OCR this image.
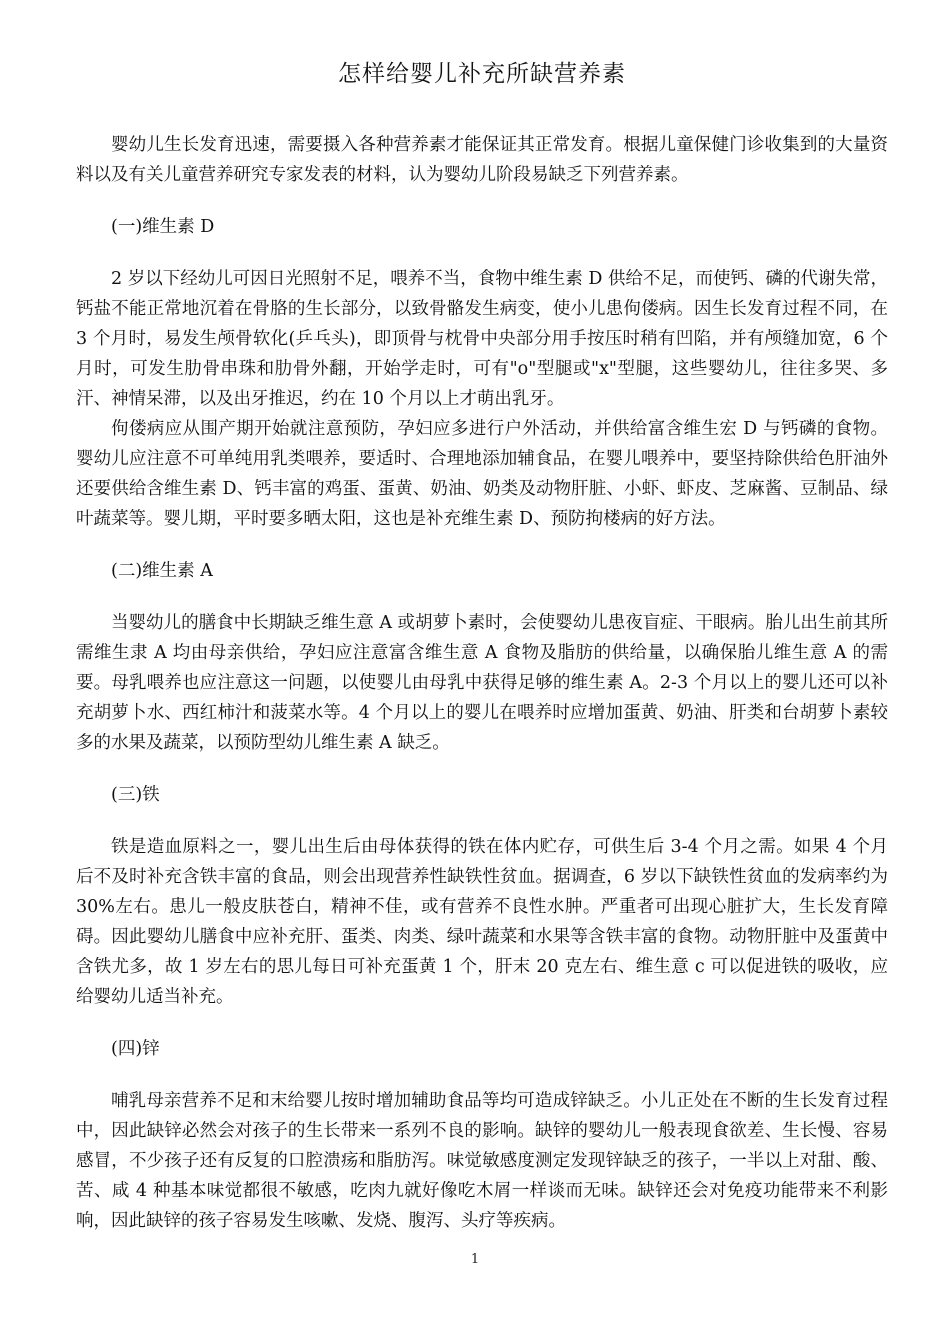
怎样给婴儿补充所缺营养素

婴幼儿生长发育迅速，需要摄入各种营养素才能保证其正常发育。根据儿童保健门诊收集到的大量资料以及有关儿童营养研究专家发表的材料，认为婴幼儿阶段易缺乏下列营养素。

(一)维生素 D

2 岁以下经幼儿可因日光照射不足，喂养不当，食物中维生素 D 供给不足，而使钙、磷的代谢失常，钙盐不能正常地沉着在骨胳的生长部分，以致骨骼发生病变，使小儿患佝偻病。因生长发育过程不同，在 3 个月时，易发生颅骨软化(乒乓头)，即顶骨与枕骨中央部分用手按压时稍有凹陷，并有颅缝加宽，6 个月时，可发生肋骨串珠和肋骨外翻，开始学走时，可有"o"型腿或"x"型腿，这些婴幼儿，往往多哭、多汗、神情呆滞，以及出牙推迟，约在 10 个月以上才萌出乳牙。

佝偻病应从围产期开始就注意预防，孕妇应多进行户外活动，并供给富含维生宏 D 与钙磷的食物。婴幼儿应注意不可单纯用乳类喂养，要适时、合理地添加辅食品，在婴儿喂养中，要坚持除供给色肝油外还要供给含维生素 D、钙丰富的鸡蛋、蛋黄、奶油、奶类及动物肝脏、小虾、虾皮、芝麻酱、豆制品、绿叶蔬菜等。婴儿期，平时要多晒太阳，这也是补充维生素 D、预防拘楼病的好方法。

(二)维生素 A

当婴幼儿的膳食中长期缺乏维生意 A 或胡萝卜素时，会使婴幼儿患夜盲症、干眼病。胎儿出生前其所需维生隶 A 均由母亲供给，孕妇应注意富含维生意 A 食物及脂肪的供给量，以确保胎儿维生意 A 的需要。母乳喂养也应注意这一问题，以使婴儿由母乳中获得足够的维生素 A。2-3 个月以上的婴儿还可以补充胡萝卜水、西红柿汁和菠菜水等。4 个月以上的婴儿在喂养时应增加蛋黄、奶油、肝类和台胡萝卜素较多的水果及蔬菜，以预防型幼儿维生素 A 缺乏。

(三)铁

铁是造血原料之一，婴儿出生后由母体获得的铁在体内贮存，可供生后 3-4 个月之需。如果 4 个月后不及时补充含铁丰富的食品，则会出现营养性缺铁性贫血。据调查，6 岁以下缺铁性贫血的发病率约为 30%左右。患儿一般皮肤苍白，精神不佳，或有营养不良性水肿。严重者可出现心脏扩大，生长发育障碍。因此婴幼儿膳食中应补充肝、蛋类、肉类、绿叶蔬菜和水果等含铁丰富的食物。动物肝脏中及蛋黄中含铁尤多，故 1 岁左右的思儿每日可补充蛋黄 1 个，肝末 20 克左右、维生意 c 可以促进铁的吸收，应给婴幼儿适当补充。

(四)锌

哺乳母亲营养不足和末给婴儿按时增加辅助食品等均可造成锌缺乏。小儿正处在不断的生长发育过程中，因此缺锌必然会对孩子的生长带来一系列不良的影响。缺锌的婴幼儿一般表现食欲差、生长慢、容易感冒，不少孩子还有反复的口腔溃疡和脂肪泻。味觉敏感度测定发现锌缺乏的孩子，一半以上对甜、酸、苦、咸 4 种基本味觉都很不敏感，吃肉九就好像吃木屑一样谈而无味。缺锌还会对免疫功能带来不利影响，因此缺锌的孩子容易发生咳嗽、发烧、腹泻、头疗等疾病。

1
